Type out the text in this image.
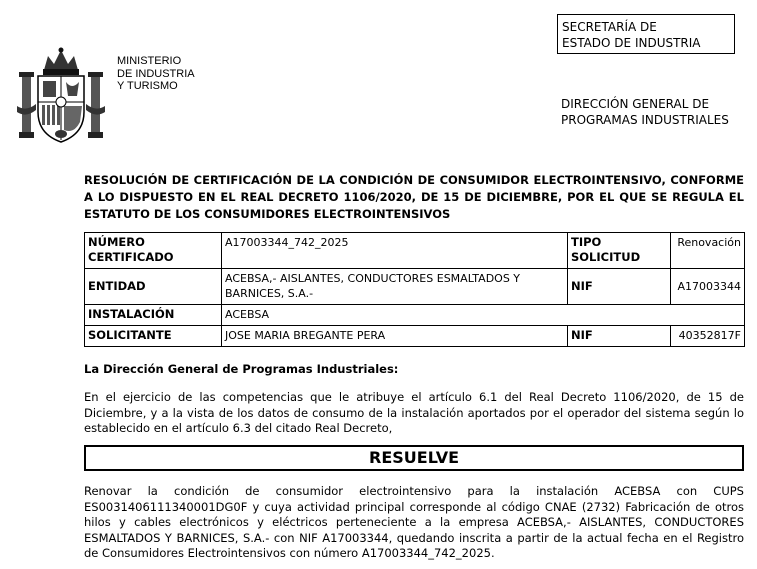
MINISTERIO
DE INDUSTRIA
Y TURISMO
SECRETARÍA DE
ESTADO DE INDUSTRIA
DIRECCIÓN GENERAL DE
PROGRAMAS INDUSTRIALES
RESOLUCIÓN DE CERTIFICACIÓN DE LA CONDICIÓN DE CONSUMIDOR ELECTROINTENSIVO, CONFORME A LO DISPUESTO EN EL REAL DECRETO 1106/2020, DE 15 DE DICIEMBRE, POR EL QUE SE REGULA EL ESTATUTO DE LOS CONSUMIDORES ELECTROINTENSIVOS
NÚMERO CERTIFICADO	A17003344_742_2025	TIPO SOLICITUD	Renovación
ENTIDAD	ACEBSA,- AISLANTES, CONDUCTORES ESMALTADOS Y BARNICES, S.A.-	NIF	A17003344
INSTALACIÓN	ACEBSA		
SOLICITANTE	JOSE MARIA BREGANTE PERA	NIF	40352817F
La Dirección General de Programas Industriales:
En el ejercicio de las competencias que le atribuye el artículo 6.1 del Real Decreto 1106/2020, de 15 de Diciembre, y a la vista de los datos de consumo de la instalación aportados por el operador del sistema según lo establecido en el artículo 6.3 del citado Real Decreto,
RESUELVE
Renovar la condición de consumidor electrointensivo para la instalación ACEBSA con CUPS ES0031406111340001DG0F y cuya actividad principal corresponde al código CNAE (2732) Fabricación de otros hilos y cables electrónicos y eléctricos perteneciente a la empresa ACEBSA,- AISLANTES, CONDUCTORES ESMALTADOS Y BARNICES, S.A.- con NIF A17003344, quedando inscrita a partir de la actual fecha en el Registro de Consumidores Electrointensivos con número A17003344_742_2025.
